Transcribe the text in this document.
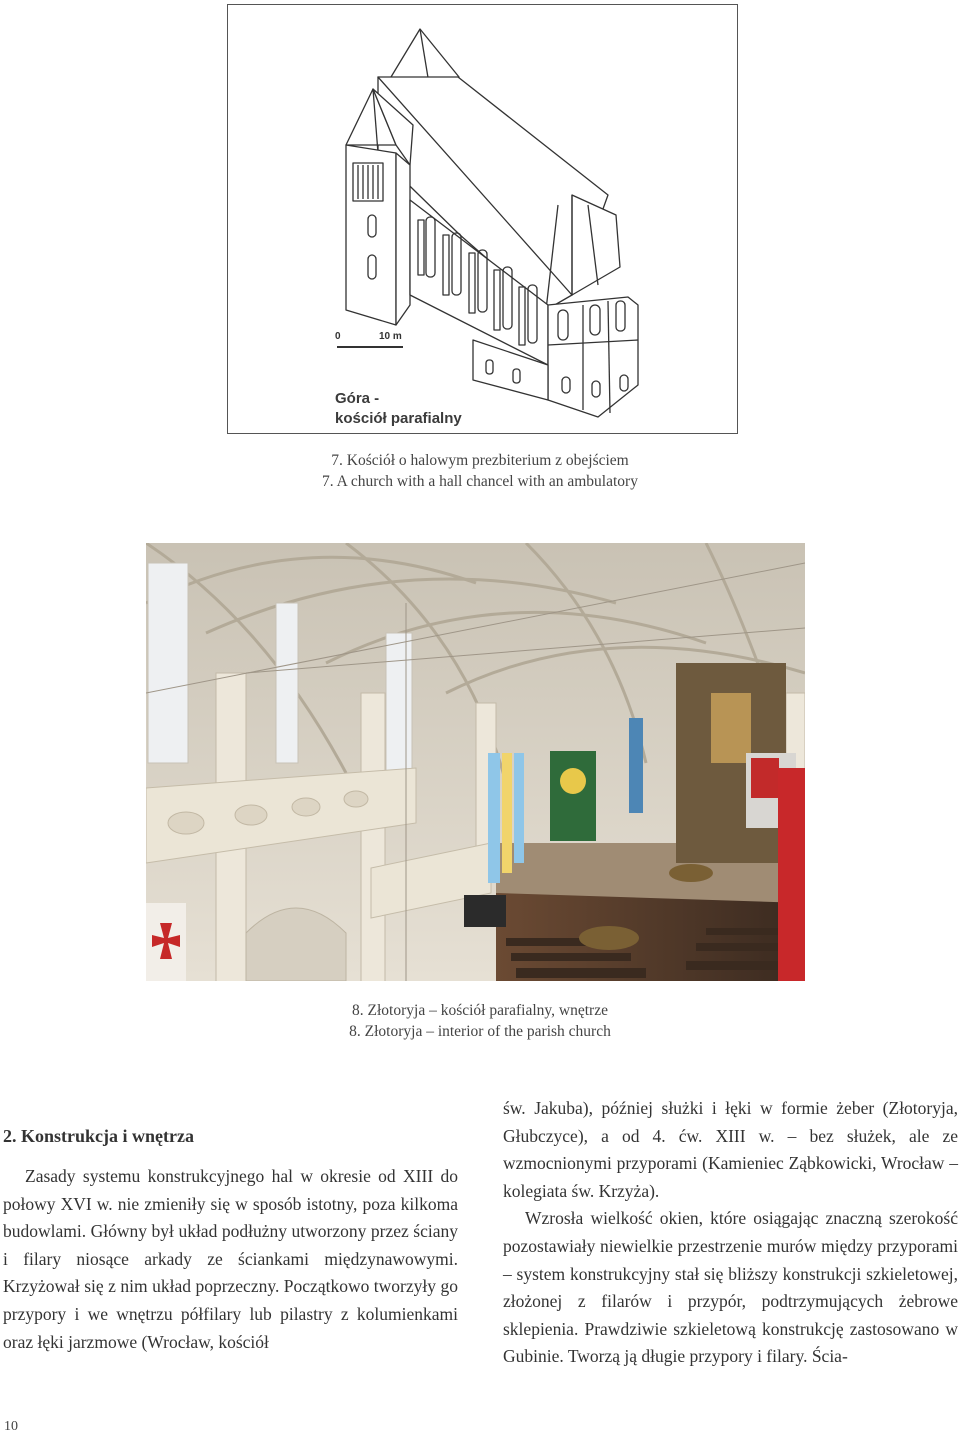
0	10 m
Góra -
kościół parafialny
7. Kościół o halowym prezbiterium z obejściem
7. A church with a hall chancel with an ambulatory
8. Złotoryja – kościół parafialny, wnętrze
8. Złotoryja – interior of the parish church

2. Konstrukcja i wnętrza

Zasady systemu konstrukcyjnego hal w okresie od XIII do połowy XVI w. nie zmieniły się w sposób istotny, poza kilkoma budowlami. Główny był układ podłużny utworzony przez ściany i filary niosące arkady ze ściankami międzynawowymi. Krzyżował się z nim układ poprzeczny. Początkowo tworzyły go przypory i we wnętrzu półfilary lub pilastry z kolumienkami oraz łęki jarzmowe (Wrocław, kościół

św. Jakuba), później służki i łęki w formie żeber (Złotoryja, Głubczyce), a od 4. ćw. XIII w. – bez służek, ale ze wzmocnionymi przyporami (Kamieniec Ząbkowicki, Wrocław – kolegiata św. Krzyża).

Wzrosła wielkość okien, które osiągając znaczną szerokość pozostawiały niewielkie przestrzenie murów między przyporami – system konstrukcyjny stał się bliższy konstrukcji szkieletowej, złożonej z filarów i przypór, podtrzymujących żebrowe sklepienia. Prawdziwie szkieletową konstrukcję zastosowano w Gubinie. Tworzą ją długie przypory i filary. Ścia-

10
